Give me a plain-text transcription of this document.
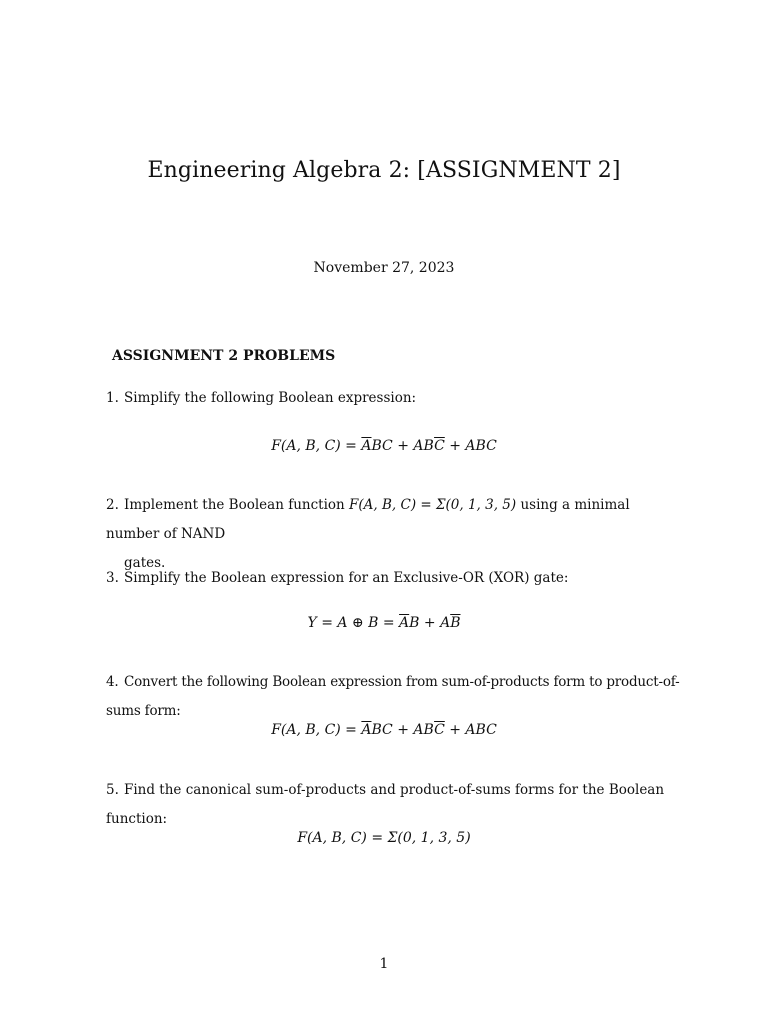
Engineering Algebra 2: [ASSIGNMENT 2]
November 27, 2023
ASSIGNMENT 2 PROBLEMS
1. Simplify the following Boolean expression:
F(A, B, $C) = \overline{A}BC + AB\overline{C}$ + ABC
2. Implement the Boolean function F(A, B, C) = Σ(0, 1, 3, 5) using a minimal number of NAND
gates.
3. Simplify the Boolean expression for an Exclusive-OR (XOR) gate:
Y = A ⊕ $B = \overline{A}B + A\overline{B}$
4. Convert the following Boolean expression from sum-of-products form to product-of-sums form:
F(A, B, $C) = \overline{A}BC + AB\overline{C}$ + ABC
5. Find the canonical sum-of-products and product-of-sums forms for the Boolean function:
F(A, B, C) = Σ(0, 1, 3, 5)
1
